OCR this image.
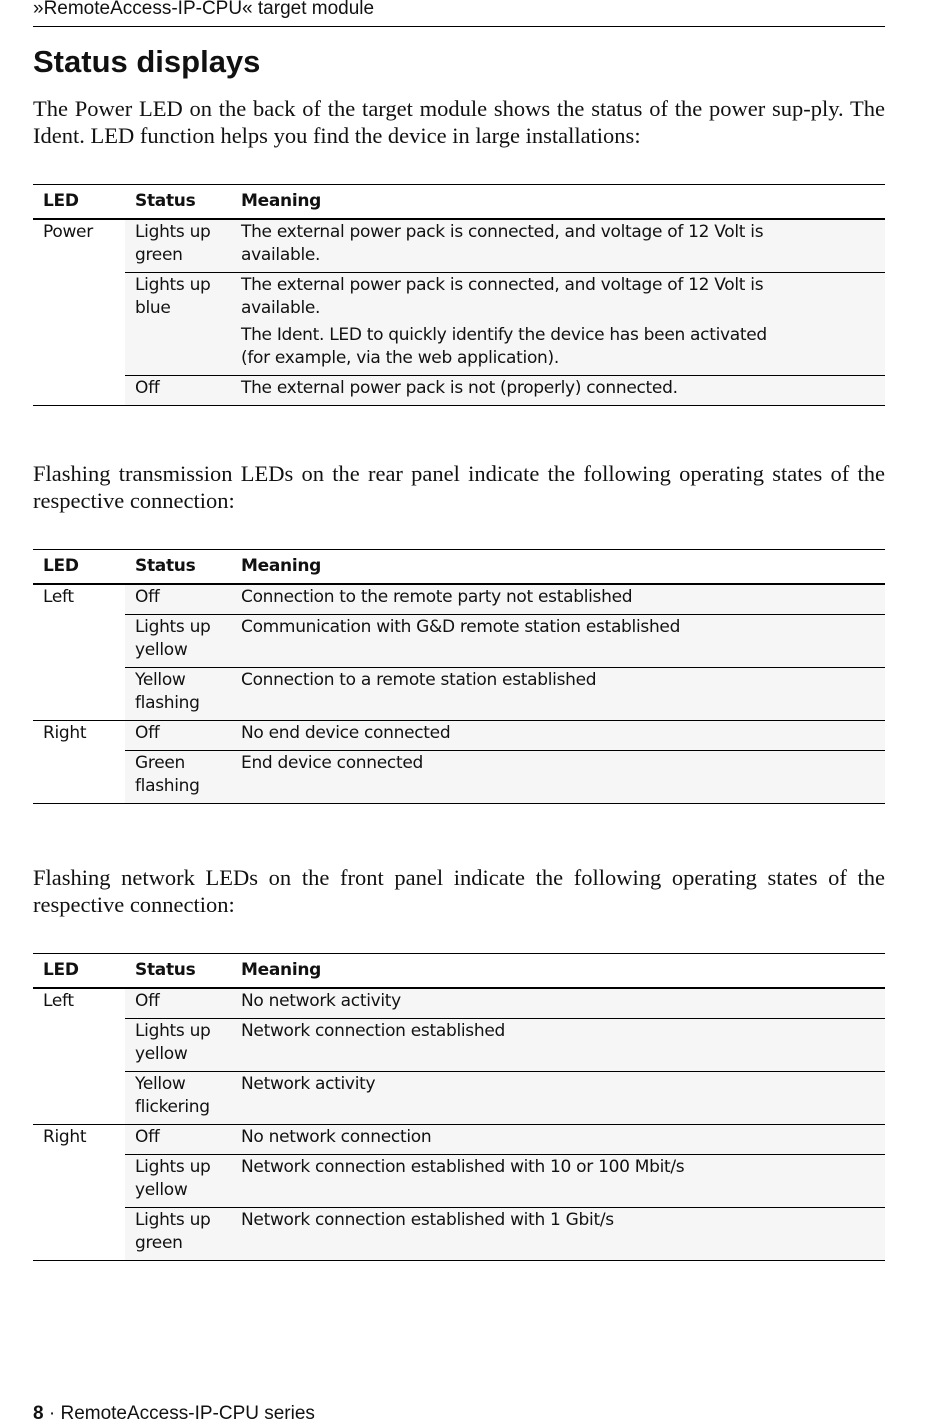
»RemoteAccess-IP-CPU« target module
Status displays

The Power LED on the back of the target module shows the status of the power sup-ply. The Ident. LED function helps you find the device in large installations:

LED	Status	Meaning
Power	Lights up green	The external power pack is connected, and voltage of 12 Volt is available.
	Lights up blue	The external power pack is connected, and voltage of 12 Volt is available.
		The Ident. LED to quickly identify the device has been activated (for example, via the web application).
	Off	The external power pack is not (properly) connected.

Flashing transmission LEDs on the rear panel indicate the following operating states of the respective connection:

LED	Status	Meaning
Left	Off	Connection to the remote party not established
	Lights up yellow	Communication with G&D remote station established
	Yellow flashing	Connection to a remote station established
Right	Off	No end device connected
	Green flashing	End device connected

Flashing network LEDs on the front panel indicate the following operating states of the respective connection:

LED	Status	Meaning
Left	Off	No network activity
	Lights up yellow	Network connection established
	Yellow flickering	Network activity
Right	Off	No network connection
	Lights up yellow	Network connection established with 10 or 100 Mbit/s
	Lights up green	Network connection established with 1 Gbit/s
8 · RemoteAccess-IP-CPU series
